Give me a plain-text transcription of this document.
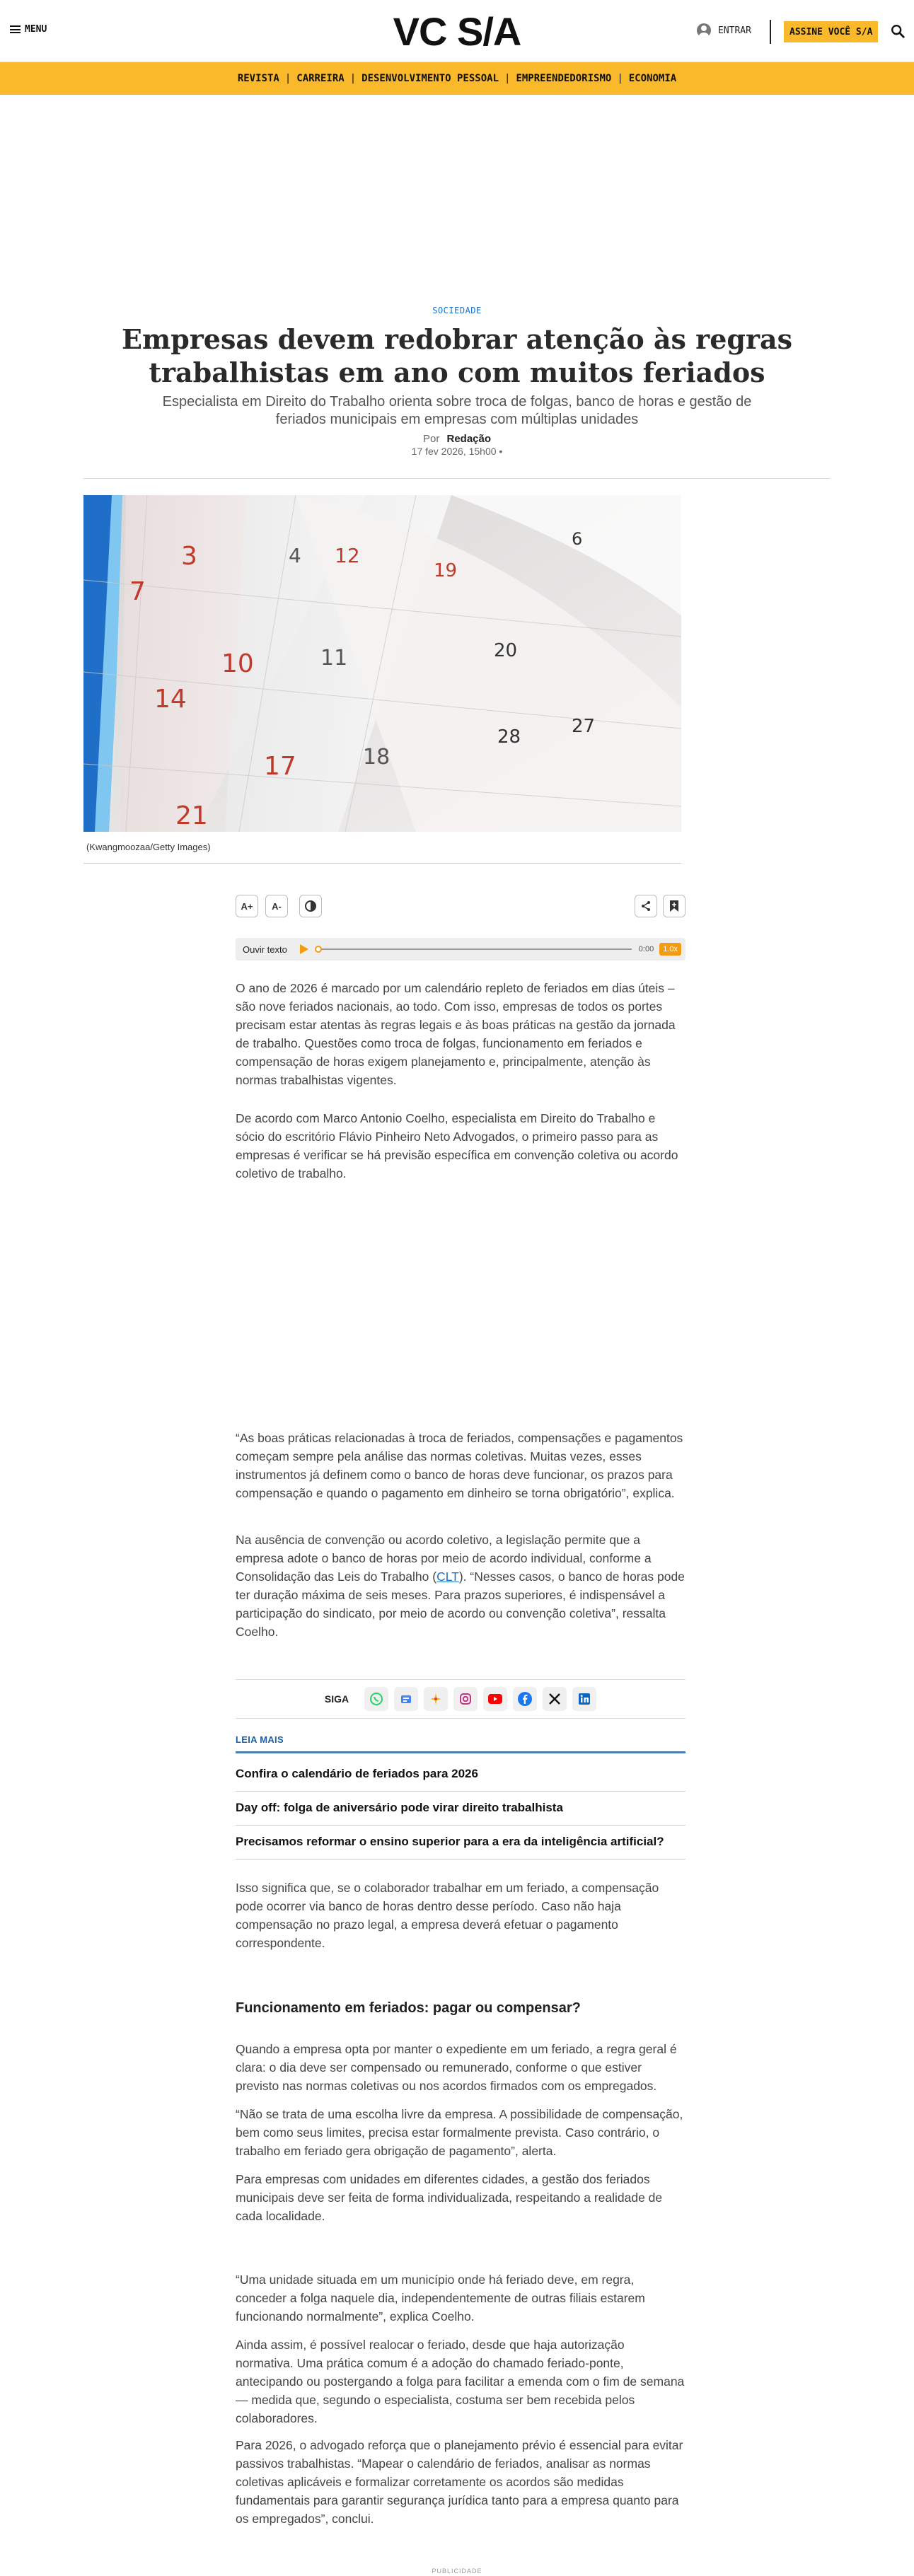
MENU	VC S/A	ENTRAR	ASSINE VOCÊ S/A
REVISTA | CARREIRA | DESENVOLVIMENTO PESSOAL | EMPREENDEDORISMO | ECONOMIA
SOCIEDADE
Empresas devem redobrar atenção às regras trabalhistas em ano com muitos feriados
Especialista em Direito do Trabalho orienta sobre troca de folgas, banco de horas e gestão de feriados municipais em empresas com múltiplas unidades
Por Redação
17 fev 2026, 15h00 •
3	4 12
19
7
10	11
14
17	18
21
20
27
28
6
(Kwangmoozaa/Getty Images)
A+	A-
Ouvir texto	0:00	1.0x

O ano de 2026 é marcado por um calendário repleto de feriados em dias úteis – são nove feriados nacionais, ao todo. Com isso, empresas de todos os portes precisam estar atentas às regras legais e às boas práticas na gestão da jornada de trabalho. Questões como troca de folgas, funcionamento em feriados e compensação de horas exigem planejamento e, principalmente, atenção às normas trabalhistas vigentes.

De acordo com Marco Antonio Coelho, especialista em Direito do Trabalho e sócio do escritório Flávio Pinheiro Neto Advogados, o primeiro passo para as empresas é verificar se há previsão específica em convenção coletiva ou acordo coletivo de trabalho.

“As boas práticas relacionadas à troca de feriados, compensações e pagamentos começam sempre pela análise das normas coletivas. Muitas vezes, esses instrumentos já definem como o banco de horas deve funcionar, os prazos para compensação e quando o pagamento em dinheiro se torna obrigatório”, explica.

Na ausência de convenção ou acordo coletivo, a legislação permite que a empresa adote o banco de horas por meio de acordo individual, conforme a Consolidação das Leis do Trabalho (CLT). “Nesses casos, o banco de horas pode ter duração máxima de seis meses. Para prazos superiores, é indispensável a participação do sindicato, por meio de acordo ou convenção coletiva”, ressalta Coelho.

SIGA
LEIA MAIS
Confira o calendário de feriados para 2026
Day off: folga de aniversário pode virar direito trabalhista
Precisamos reformar o ensino superior para a era da inteligência artificial?

Isso significa que, se o colaborador trabalhar em um feriado, a compensação pode ocorrer via banco de horas dentro desse período. Caso não haja compensação no prazo legal, a empresa deverá efetuar o pagamento correspondente.

Funcionamento em feriados: pagar ou compensar?

Quando a empresa opta por manter o expediente em um feriado, a regra geral é clara: o dia deve ser compensado ou remunerado, conforme o que estiver previsto nas normas coletivas ou nos acordos firmados com os empregados.

“Não se trata de uma escolha livre da empresa. A possibilidade de compensação, bem como seus limites, precisa estar formalmente prevista. Caso contrário, o trabalho em feriado gera obrigação de pagamento”, alerta.

Para empresas com unidades em diferentes cidades, a gestão dos feriados municipais deve ser feita de forma individualizada, respeitando a realidade de cada localidade.

“Uma unidade situada em um município onde há feriado deve, em regra, conceder a folga naquele dia, independentemente de outras filiais estarem funcionando normalmente”, explica Coelho.

Ainda assim, é possível realocar o feriado, desde que haja autorização normativa. Uma prática comum é a adoção do chamado feriado-ponte, antecipando ou postergando a folga para facilitar a emenda com o fim de semana — medida que, segundo o especialista, costuma ser bem recebida pelos colaboradores.

Para 2026, o advogado reforça que o planejamento prévio é essencial para evitar passivos trabalhistas. “Mapear o calendário de feriados, analisar as normas coletivas aplicáveis e formalizar corretamente os acordos são medidas fundamentais para garantir segurança jurídica tanto para a empresa quanto para os empregados”, conclui.

PUBLICIDADE
